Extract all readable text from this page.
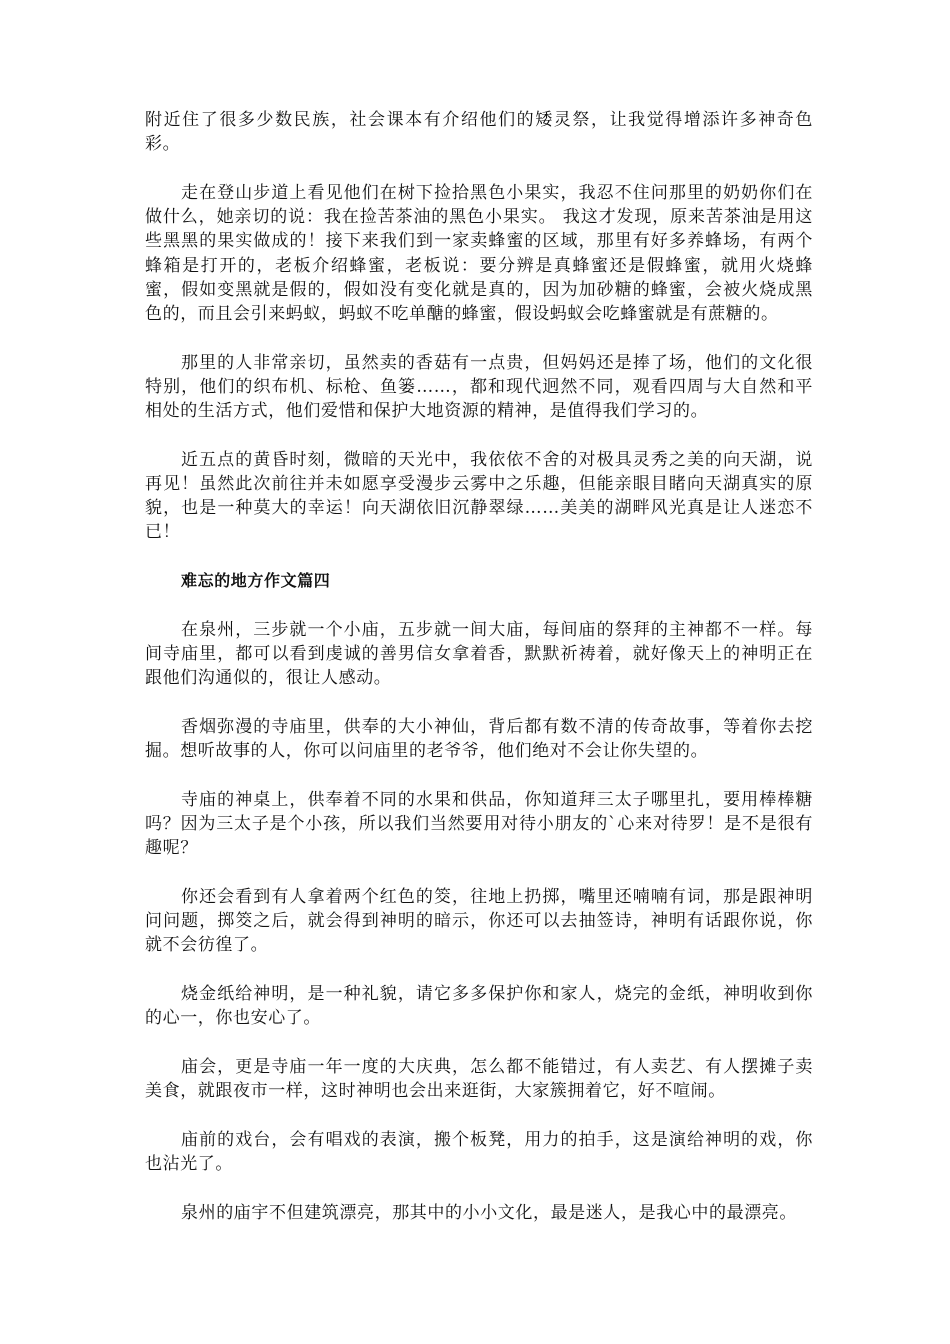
附近住了很多少数民族，社会课本有介绍他们的矮灵祭，让我觉得增添许多神奇色彩。

走在登山步道上看见他们在树下捡拾黑色小果实，我忍不住问那里的奶奶你们在做什么，她亲切的说：我在捡苦茶油的黑色小果实。 我这才发现，原来苦茶油是用这些黑黑的果实做成的！接下来我们到一家卖蜂蜜的区域，那里有好多养蜂场，有两个蜂箱是打开的，老板介绍蜂蜜，老板说：要分辨是真蜂蜜还是假蜂蜜，就用火烧蜂蜜，假如变黑就是假的，假如没有变化就是真的，因为加砂糖的蜂蜜，会被火烧成黑色的，而且会引来蚂蚁，蚂蚁不吃单醣的蜂蜜，假设蚂蚁会吃蜂蜜就是有蔗糖的。

那里的人非常亲切，虽然卖的香菇有一点贵，但妈妈还是捧了场，他们的文化很特别，他们的织布机、标枪、鱼篓……，都和现代迥然不同，观看四周与大自然和平相处的生活方式，他们爱惜和保护大地资源的精神，是值得我们学习的。

近五点的黄昏时刻，微暗的天光中，我依依不舍的对极具灵秀之美的向天湖，说再见！虽然此次前往并未如愿享受漫步云雾中之乐趣，但能亲眼目睹向天湖真实的原貌，也是一种莫大的幸运！向天湖依旧沉静翠绿……美美的湖畔风光真是让人迷恋不已！

难忘的地方作文篇四

在泉州，三步就一个小庙，五步就一间大庙，每间庙的祭拜的主神都不一样。每间寺庙里，都可以看到虔诚的善男信女拿着香，默默祈祷着，就好像天上的神明正在跟他们沟通似的，很让人感动。

香烟弥漫的寺庙里，供奉的大小神仙，背后都有数不清的传奇故事，等着你去挖掘。想听故事的人，你可以问庙里的老爷爷，他们绝对不会让你失望的。

寺庙的神桌上，供奉着不同的水果和供品，你知道拜三太子哪里扎，要用棒棒糖吗？因为三太子是个小孩，所以我们当然要用对待小朋友的`心来对待罗！是不是很有趣呢？

你还会看到有人拿着两个红色的筊，往地上扔掷，嘴里还喃喃有词，那是跟神明问问题，掷筊之后，就会得到神明的暗示，你还可以去抽签诗，神明有话跟你说，你就不会彷徨了。

烧金纸给神明，是一种礼貌，请它多多保护你和家人，烧完的金纸，神明收到你的心一，你也安心了。

庙会，更是寺庙一年一度的大庆典，怎么都不能错过，有人卖艺、有人摆摊子卖美食，就跟夜市一样，这时神明也会出来逛街，大家簇拥着它，好不喧闹。

庙前的戏台，会有唱戏的表演，搬个板凳，用力的拍手，这是演给神明的戏，你也沾光了。

泉州的庙宇不但建筑漂亮，那其中的小小文化，最是迷人，是我心中的最漂亮。
